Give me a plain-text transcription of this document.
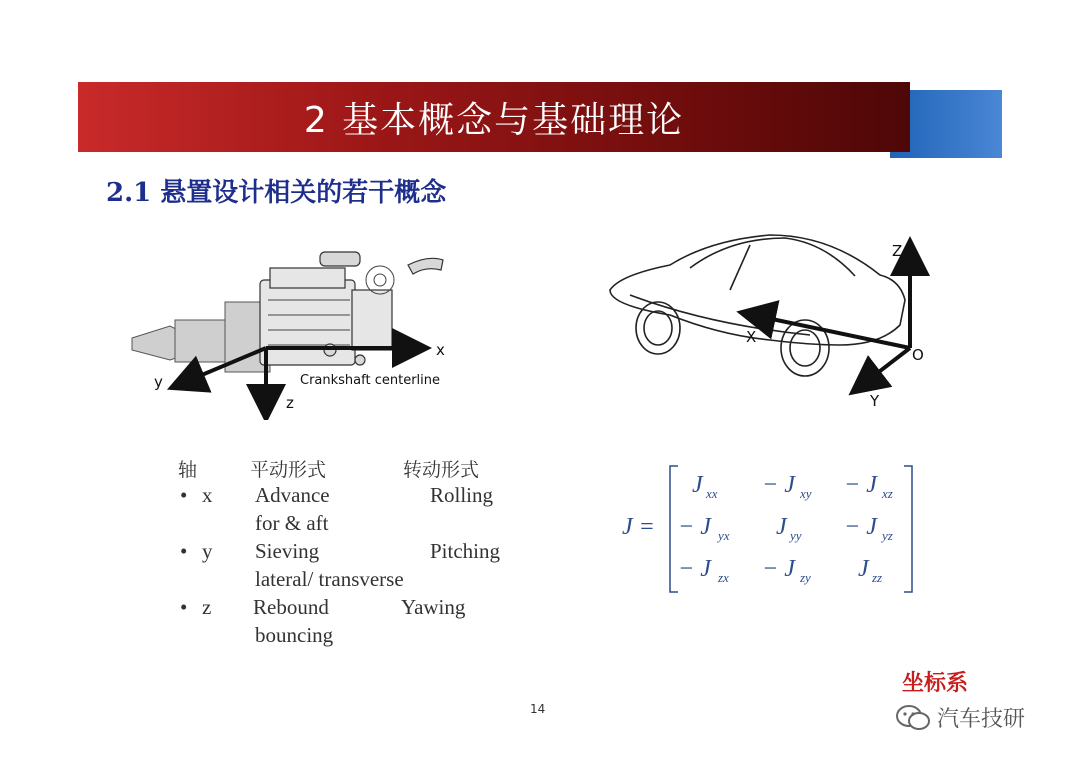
2 基本概念与基础理论
2.1 悬置设计相关的若干概念
x
y
z
Crankshaft centerline
Z
X
Y
O
轴	平动形式	转动形式
• x Advance	Rolling
for & aft
• y Sieving	Pitching
lateral/ transverse
• z Rebound	Yawing
bouncing
J =
J xx − J xy − J xz
− J yx J yy − J yz
− J zx − J zy J zz
坐标系
14	汽车技研
